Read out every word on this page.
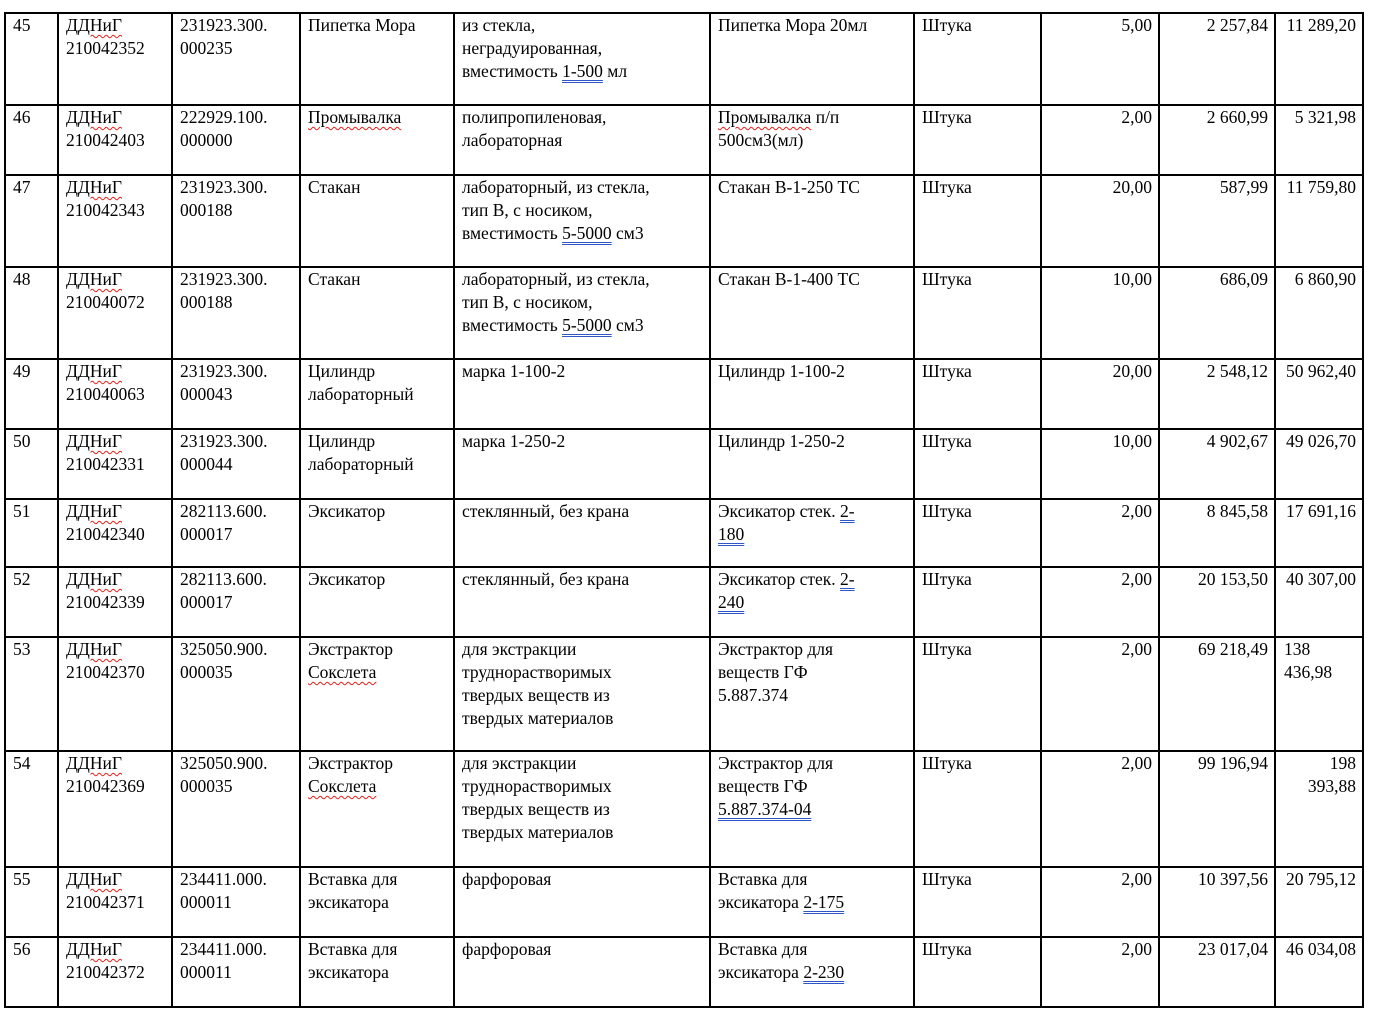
45	ДДНиГ
210042352	231923.300.
000235	Пипетка Мора	из стекла,
неградуированная,
вместимость 1-500 мл	Пипетка Мора 20мл	Штука	5,00	2 257,84	11 289,20

46	ДДНиГ
210042403	222929.100.
000000	Промывалка	полипропиленовая,
лабораторная	Промывалка п/п
500см3(мл)	Штука	2,00	2 660,99	5 321,98

47	ДДНиГ
210042343	231923.300.
000188	Стакан	лабораторный, из стекла,
тип В, с носиком,
вместимость 5-5000 см3	Стакан В-1-250 ТС	Штука	20,00	587,99	11 759,80

48	ДДНиГ
210040072	231923.300.
000188	Стакан	лабораторный, из стекла,
тип В, с носиком,
вместимость 5-5000 см3	Стакан В-1-400 ТС	Штука	10,00	686,09	6 860,90

49	ДДНиГ
210040063	231923.300.
000043	Цилиндр
лабораторный	марка 1-100-2	Цилиндр 1-100-2	Штука	20,00	2 548,12	50 962,40

50	ДДНиГ
210042331	231923.300.
000044	Цилиндр
лабораторный	марка 1-250-2	Цилиндр 1-250-2	Штука	10,00	4 902,67	49 026,70

51	ДДНиГ
210042340	282113.600.
000017	Эксикатор	стеклянный, без крана	Эксикатор стек. 2-
180	Штука	2,00	8 845,58	17 691,16

52	ДДНиГ
210042339	282113.600.
000017	Эксикатор	стеклянный, без крана	Эксикатор стек. 2-
240	Штука	2,00	20 153,50	40 307,00

53	ДДНиГ
210042370	325050.900.
000035	Экстрактор
Сокслета	для экстракции
труднорастворимых
твердых веществ из
твердых материалов	Экстрактор для
веществ ГФ
5.887.374	Штука	2,00	69 218,49	138
436,98

54	ДДНиГ
210042369	325050.900.
000035	Экстрактор
Сокслета	для экстракции
труднорастворимых
твердых веществ из
твердых материалов	Экстрактор для
веществ ГФ
5.887.374-04	Штука	2,00	99 196,94	198
393,88

55	ДДНиГ
210042371	234411.000.
000011	Вставка для
эксикатора	фарфоровая	Вставка для
эксикатора 2-175	Штука	2,00	10 397,56	20 795,12

56	ДДНиГ
210042372	234411.000.
000011	Вставка для
эксикатора	фарфоровая	Вставка для
эксикатора 2-230	Штука	2,00	23 017,04	46 034,08
